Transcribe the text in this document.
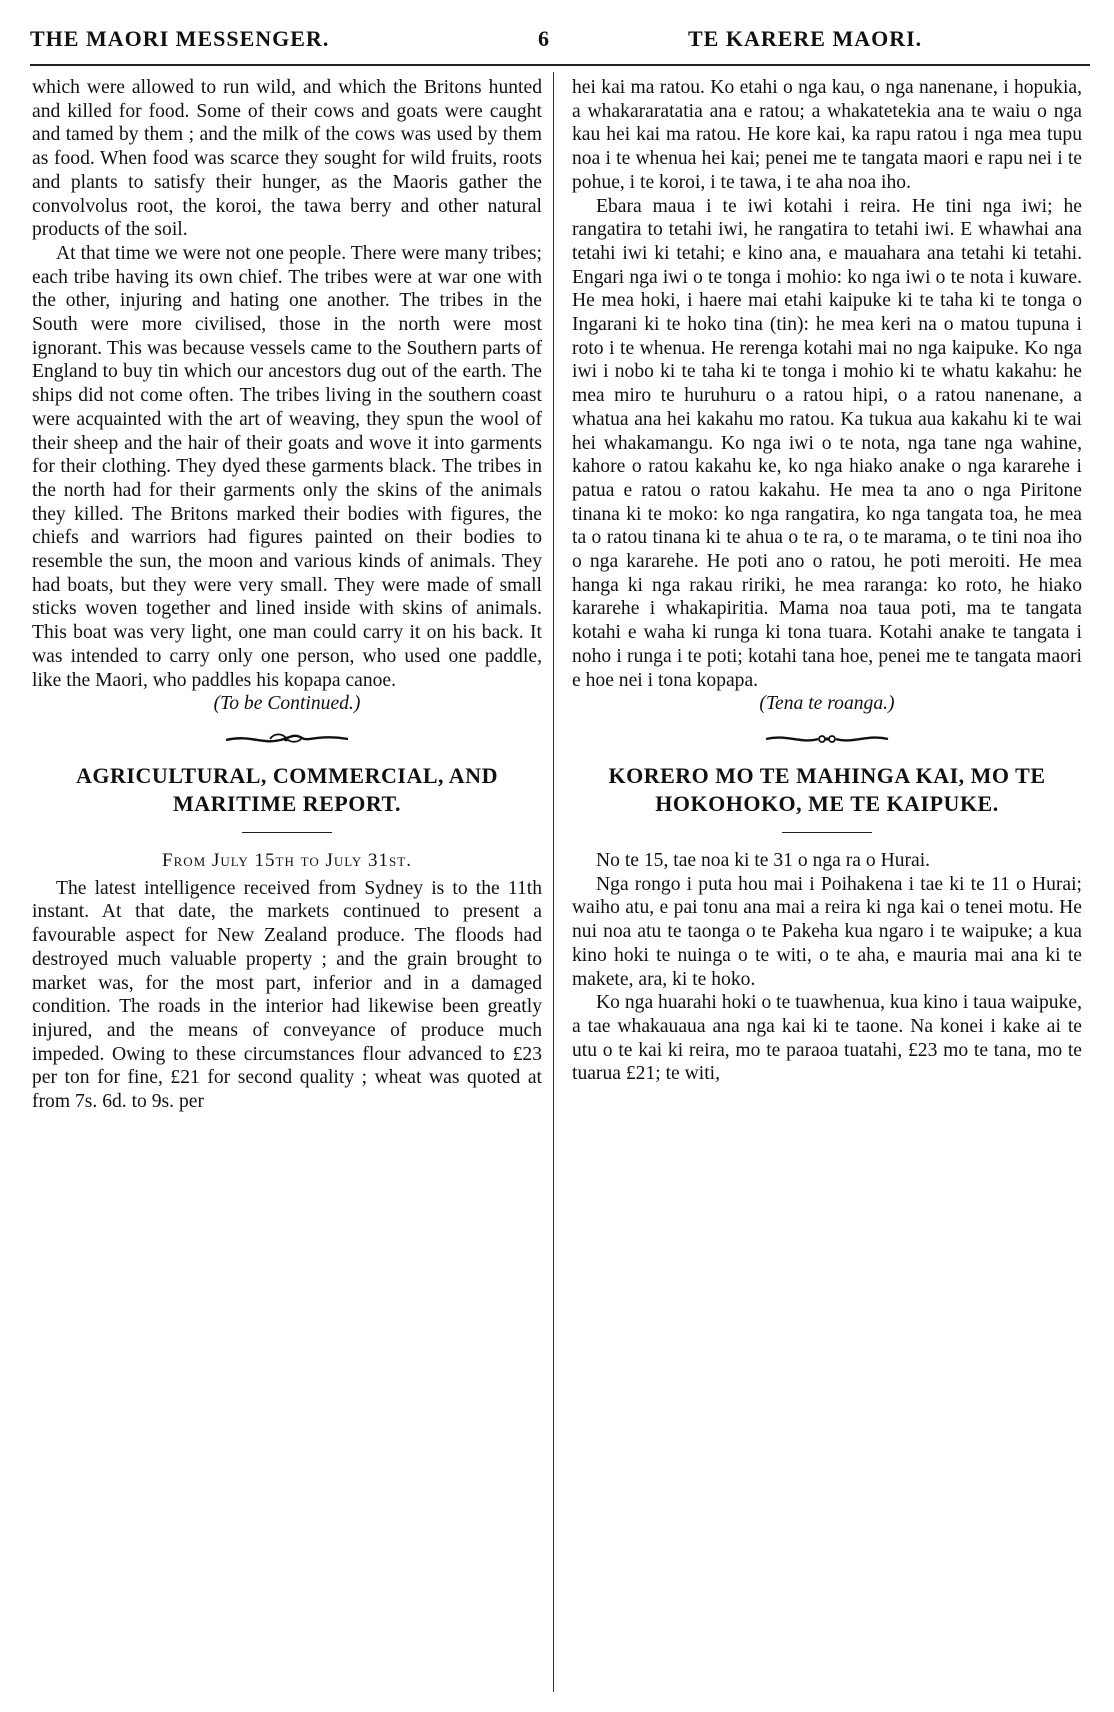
THE MAORI MESSENGER.	6	TE KARERE MAORI.

which were allowed to run wild, and which the Britons hunted and killed for food. Some of their cows and goats were caught and tamed by them ; and the milk of the cows was used by them as food. When food was scarce they sought for wild fruits, roots and plants to satisfy their hunger, as the Maoris gather the convolvolus root, the koroi, the tawa berry and other natural products of the soil.

At that time we were not one people. There were many tribes; each tribe having its own chief. The tribes were at war one with the other, injuring and hating one another. The tribes in the South were more civilised, those in the north were most ignorant. This was because vessels came to the Southern parts of England to buy tin which our ancestors dug out of the earth. The ships did not come often. The tribes living in the southern coast were acquainted with the art of weaving, they spun the wool of their sheep and the hair of their goats and wove it into garments for their clothing. They dyed these garments black. The tribes in the north had for their garments only the skins of the animals they killed. The Britons marked their bodies with figures, the chiefs and warriors had figures painted on their bodies to resemble the sun, the moon and various kinds of animals. They had boats, but they were very small. They were made of small sticks woven together and lined inside with skins of animals. This boat was very light, one man could carry it on his back. It was intended to carry only one person, who used one paddle, like the Maori, who paddles his kopapa canoe.

(To be Continued.)

AGRICULTURAL, COMMERCIAL, AND
MARITIME REPORT.
From July 15th to July 31st.

The latest intelligence received from Sydney is to the 11th instant. At that date, the markets continued to present a favourable aspect for New Zealand produce. The floods had destroyed much valuable property ; and the grain brought to market was, for the most part, inferior and in a damaged condition. The roads in the interior had likewise been greatly injured, and the means of conveyance of produce much impeded. Owing to these circumstances flour advanced to £23 per ton for fine, £21 for second quality ; wheat was quoted at from 7s. 6d. to 9s. per

hei kai ma ratou. Ko etahi o nga kau, o nga nanenane, i hopukia, a whakararatatia ana e ratou; a whakatetekia ana te waiu o nga kau hei kai ma ratou. He kore kai, ka rapu ratou i nga mea tupu noa i te whenua hei kai; penei me te tangata maori e rapu nei i te pohue, i te koroi, i te tawa, i te aha noa iho.

Ebara maua i te iwi kotahi i reira. He tini nga iwi; he rangatira to tetahi iwi, he rangatira to tetahi iwi. E whawhai ana tetahi iwi ki tetahi; e kino ana, e mauahara ana tetahi ki tetahi. Engari nga iwi o te tonga i mohio: ko nga iwi o te nota i kuware. He mea hoki, i haere mai etahi kaipuke ki te taha ki te tonga o Ingarani ki te hoko tina (tin): he mea keri na o matou tupuna i roto i te whenua. He rerenga kotahi mai no nga kaipuke. Ko nga iwi i nobo ki te taha ki te tonga i mohio ki te whatu kakahu: he mea miro te huruhuru o a ratou hipi, o a ratou nanenane, a whatua ana hei kakahu mo ratou. Ka tukua aua kakahu ki te wai hei whakamangu. Ko nga iwi o te nota, nga tane nga wahine, kahore o ratou kakahu ke, ko nga hiako anake o nga kararehe i patua e ratou o ratou kakahu. He mea ta ano o nga Piritone tinana ki te moko: ko nga rangatira, ko nga tangata toa, he mea ta o ratou tinana ki te ahua o te ra, o te marama, o te tini noa iho o nga kararehe. He poti ano o ratou, he poti meroiti. He mea hanga ki nga rakau ririki, he mea raranga: ko roto, he hiako kararehe i whakapiritia. Mama noa taua poti, ma te tangata kotahi e waha ki runga ki tona tuara. Kotahi anake te tangata i noho i runga i te poti; kotahi tana hoe, penei me te tangata maori e hoe nei i tona kopapa.

(Tena te roanga.)

KORERO MO TE MAHINGA KAI, MO TE
HOKOHOKO, ME TE KAIPUKE.

No te 15, tae noa ki te 31 o nga ra o Hurai.

Nga rongo i puta hou mai i Poihakena i tae ki te 11 o Hurai; waiho atu, e pai tonu ana mai a reira ki nga kai o tenei motu. He nui noa atu te taonga o te Pakeha kua ngaro i te waipuke; a kua kino hoki te nuinga o te witi, o te aha, e mauria mai ana ki te makete, ara, ki te hoko.

Ko nga huarahi hoki o te tuawhenua, kua kino i taua waipuke, a tae whakauaua ana nga kai ki te taone. Na konei i kake ai te utu o te kai ki reira, mo te paraoa tuatahi, £23 mo te tana, mo te tuarua £21; te witi,
